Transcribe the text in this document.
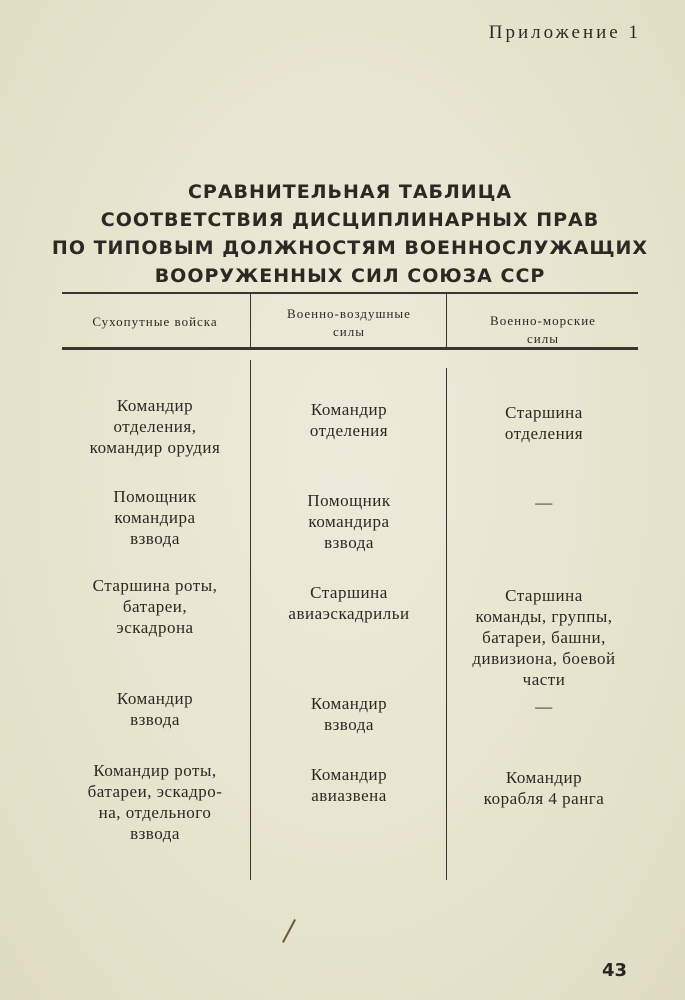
Приложение 1
СРАВНИТЕЛЬНАЯ ТАБЛИЦА
СООТВЕТСТВИЯ ДИСЦИПЛИНАРНЫХ ПРАВ
ПО ТИПОВЫМ ДОЛЖНОСТЯМ ВОЕННОСЛУЖАЩИХ
ВООРУЖЕННЫХ СИЛ СОЮЗА ССР
Сухопутные войска
Военно-воздушные
силы
Военно-морские
силы
Командир
отделения,
командир орудия
Командир
отделения
Старшина
отделения
Помощник
командира
взвода
Помощник
командира
взвода
—
Старшина роты,
батареи,
эскадрона
Старшина
авиаэскадрильи
Старшина
команды, группы,
батареи, башни,
дивизиона, боевой
части
Командир
взвода
Командир
взвода
—
Командир роты,
батареи, эскадро-
на, отдельного
взвода
Командир
авиазвена
Командир
корабля 4 ранга
43
